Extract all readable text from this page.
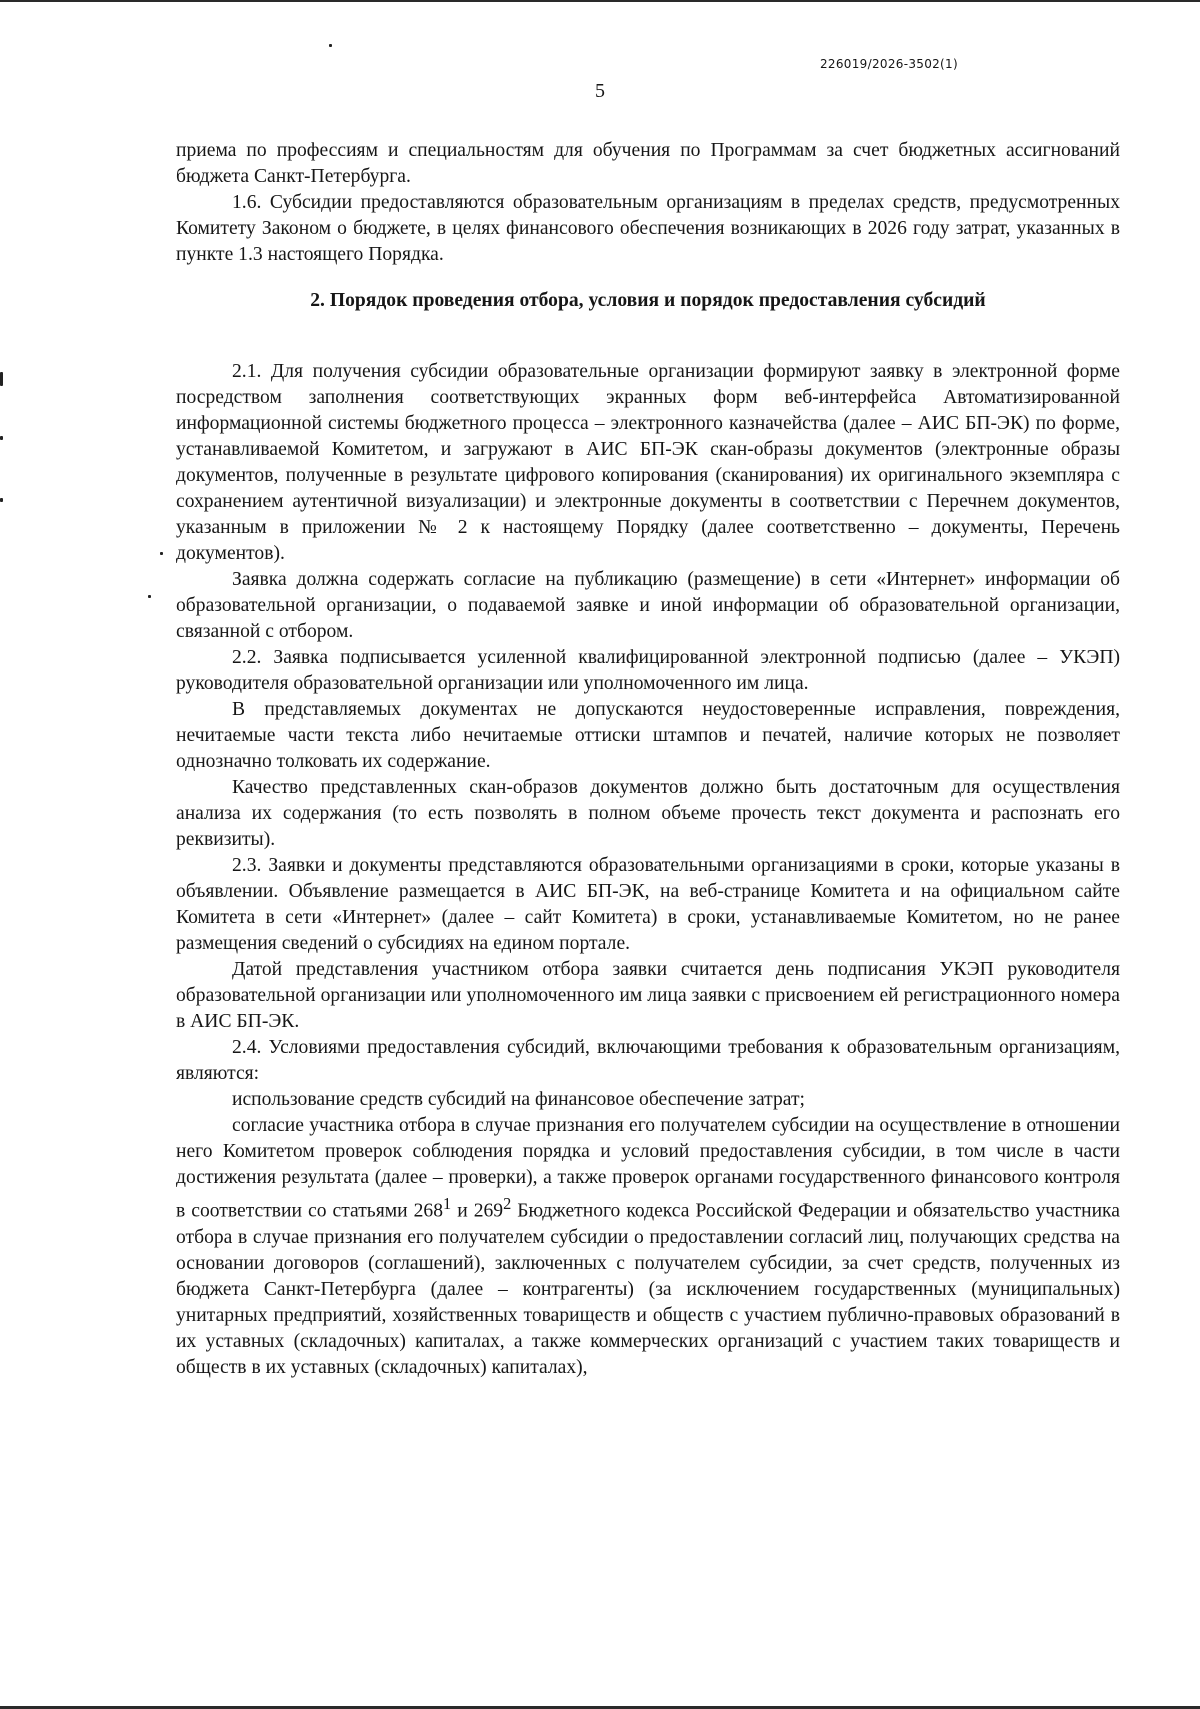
226019/2026-3502(1)
5

приема по профессиям и специальностям для обучения по Программам за счет бюджетных ассигнований бюджета Санкт-Петербурга.

1.6. Субсидии предоставляются образовательным организациям в пределах средств, предусмотренных Комитету Законом о бюджете, в целях финансового обеспечения возникающих в 2026 году затрат, указанных в пункте 1.3 настоящего Порядка.

2. Порядок проведения отбора, условия и порядок предоставления субсидий

2.1. Для получения субсидии образовательные организации формируют заявку в электронной форме посредством заполнения соответствующих экранных форм веб-интерфейса Автоматизированной информационной системы бюджетного процесса – электронного казначейства (далее – АИС БП-ЭК) по форме, устанавливаемой Комитетом, и загружают в АИС БП-ЭК скан-образы документов (электронные образы документов, полученные в результате цифрового копирования (сканирования) их оригинального экземпляра с сохранением аутентичной визуализации) и электронные документы в соответствии с Перечнем документов, указанным в приложении № 2 к настоящему Порядку (далее соответственно – документы, Перечень документов).

Заявка должна содержать согласие на публикацию (размещение) в сети «Интернет» информации об образовательной организации, о подаваемой заявке и иной информации об образовательной организации, связанной с отбором.

2.2. Заявка подписывается усиленной квалифицированной электронной подписью (далее – УКЭП) руководителя образовательной организации или уполномоченного им лица.

В представляемых документах не допускаются неудостоверенные исправления, повреждения, нечитаемые части текста либо нечитаемые оттиски штампов и печатей, наличие которых не позволяет однозначно толковать их содержание.

Качество представленных скан-образов документов должно быть достаточным для осуществления анализа их содержания (то есть позволять в полном объеме прочесть текст документа и распознать его реквизиты).

2.3. Заявки и документы представляются образовательными организациями в сроки, которые указаны в объявлении. Объявление размещается в АИС БП-ЭК, на веб-странице Комитета и на официальном сайте Комитета в сети «Интернет» (далее – сайт Комитета) в сроки, устанавливаемые Комитетом, но не ранее размещения сведений о субсидиях на едином портале.

Датой представления участником отбора заявки считается день подписания УКЭП руководителя образовательной организации или уполномоченного им лица заявки с присвоением ей регистрационного номера в АИС БП-ЭК.

2.4. Условиями предоставления субсидий, включающими требования к образовательным организациям, являются:

использование средств субсидий на финансовое обеспечение затрат;

согласие участника отбора в случае признания его получателем субсидии на осуществление в отношении него Комитетом проверок соблюдения порядка и условий предоставления субсидии, в том числе в части достижения результата (далее – проверки), а также проверок органами государственного финансового контроля в соответствии со статьями $268^1$ и $269^2$ Бюджетного кодекса Российской Федерации и обязательство участника отбора в случае признания его получателем субсидии о предоставлении согласий лиц, получающих средства на основании договоров (соглашений), заключенных с получателем субсидии, за счет средств, полученных из бюджета Санкт-Петербурга (далее – контрагенты) (за исключением государственных (муниципальных) унитарных предприятий, хозяйственных товариществ и обществ с участием публично-правовых образований в их уставных (складочных) капиталах, а также коммерческих организаций с участием таких товариществ и обществ в их уставных (складочных) капиталах),
